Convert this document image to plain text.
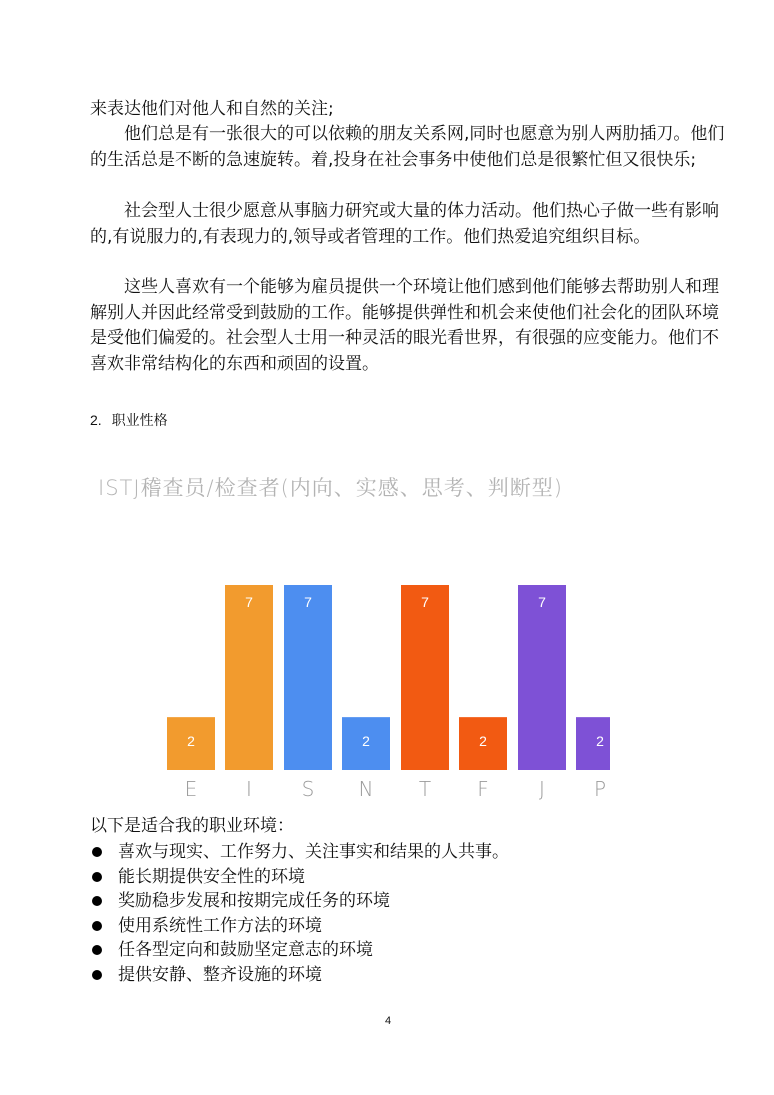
来表达他们对他人和自然的关注;

他们总是有一张很大的可以依赖的朋友关系网,同时也愿意为别人两肋插刀。他们的生活总是不断的急速旋转。着,投身在社会事务中使他们总是很繁忙但又很快乐;

社会型人士很少愿意从事脑力研究或大量的体力活动。他们热心子做一些有影响的,有说服力的,有表现力的,领导或者管理的工作。他们热爱追究组织目标。

这些人喜欢有一个能够为雇员提供一个环境让他们感到他们能够去帮助别人和理解别人并因此经常受到鼓励的工作。能够提供弹性和机会来使他们社会化的团队环境是受他们偏爱的。社会型人士用一种灵活的眼光看世界，有很强的应变能力。他们不喜欢非常结构化的东西和顽固的设置。

2. 职业性格
ISTJ稽查员/检查者(内向、实感、思考、判断型)
2
E
7
I
7
S
2
N
7
T
2
F
7
J
2
P
以下是适合我的职业环境：
喜欢与现实、工作努力、关注事实和结果的人共事。
能长期提供安全性的环境
奖励稳步发展和按期完成任务的环境
使用系统性工作方法的环境
任各型定向和鼓励坚定意志的环境
提供安静、整齐设施的环境
4
